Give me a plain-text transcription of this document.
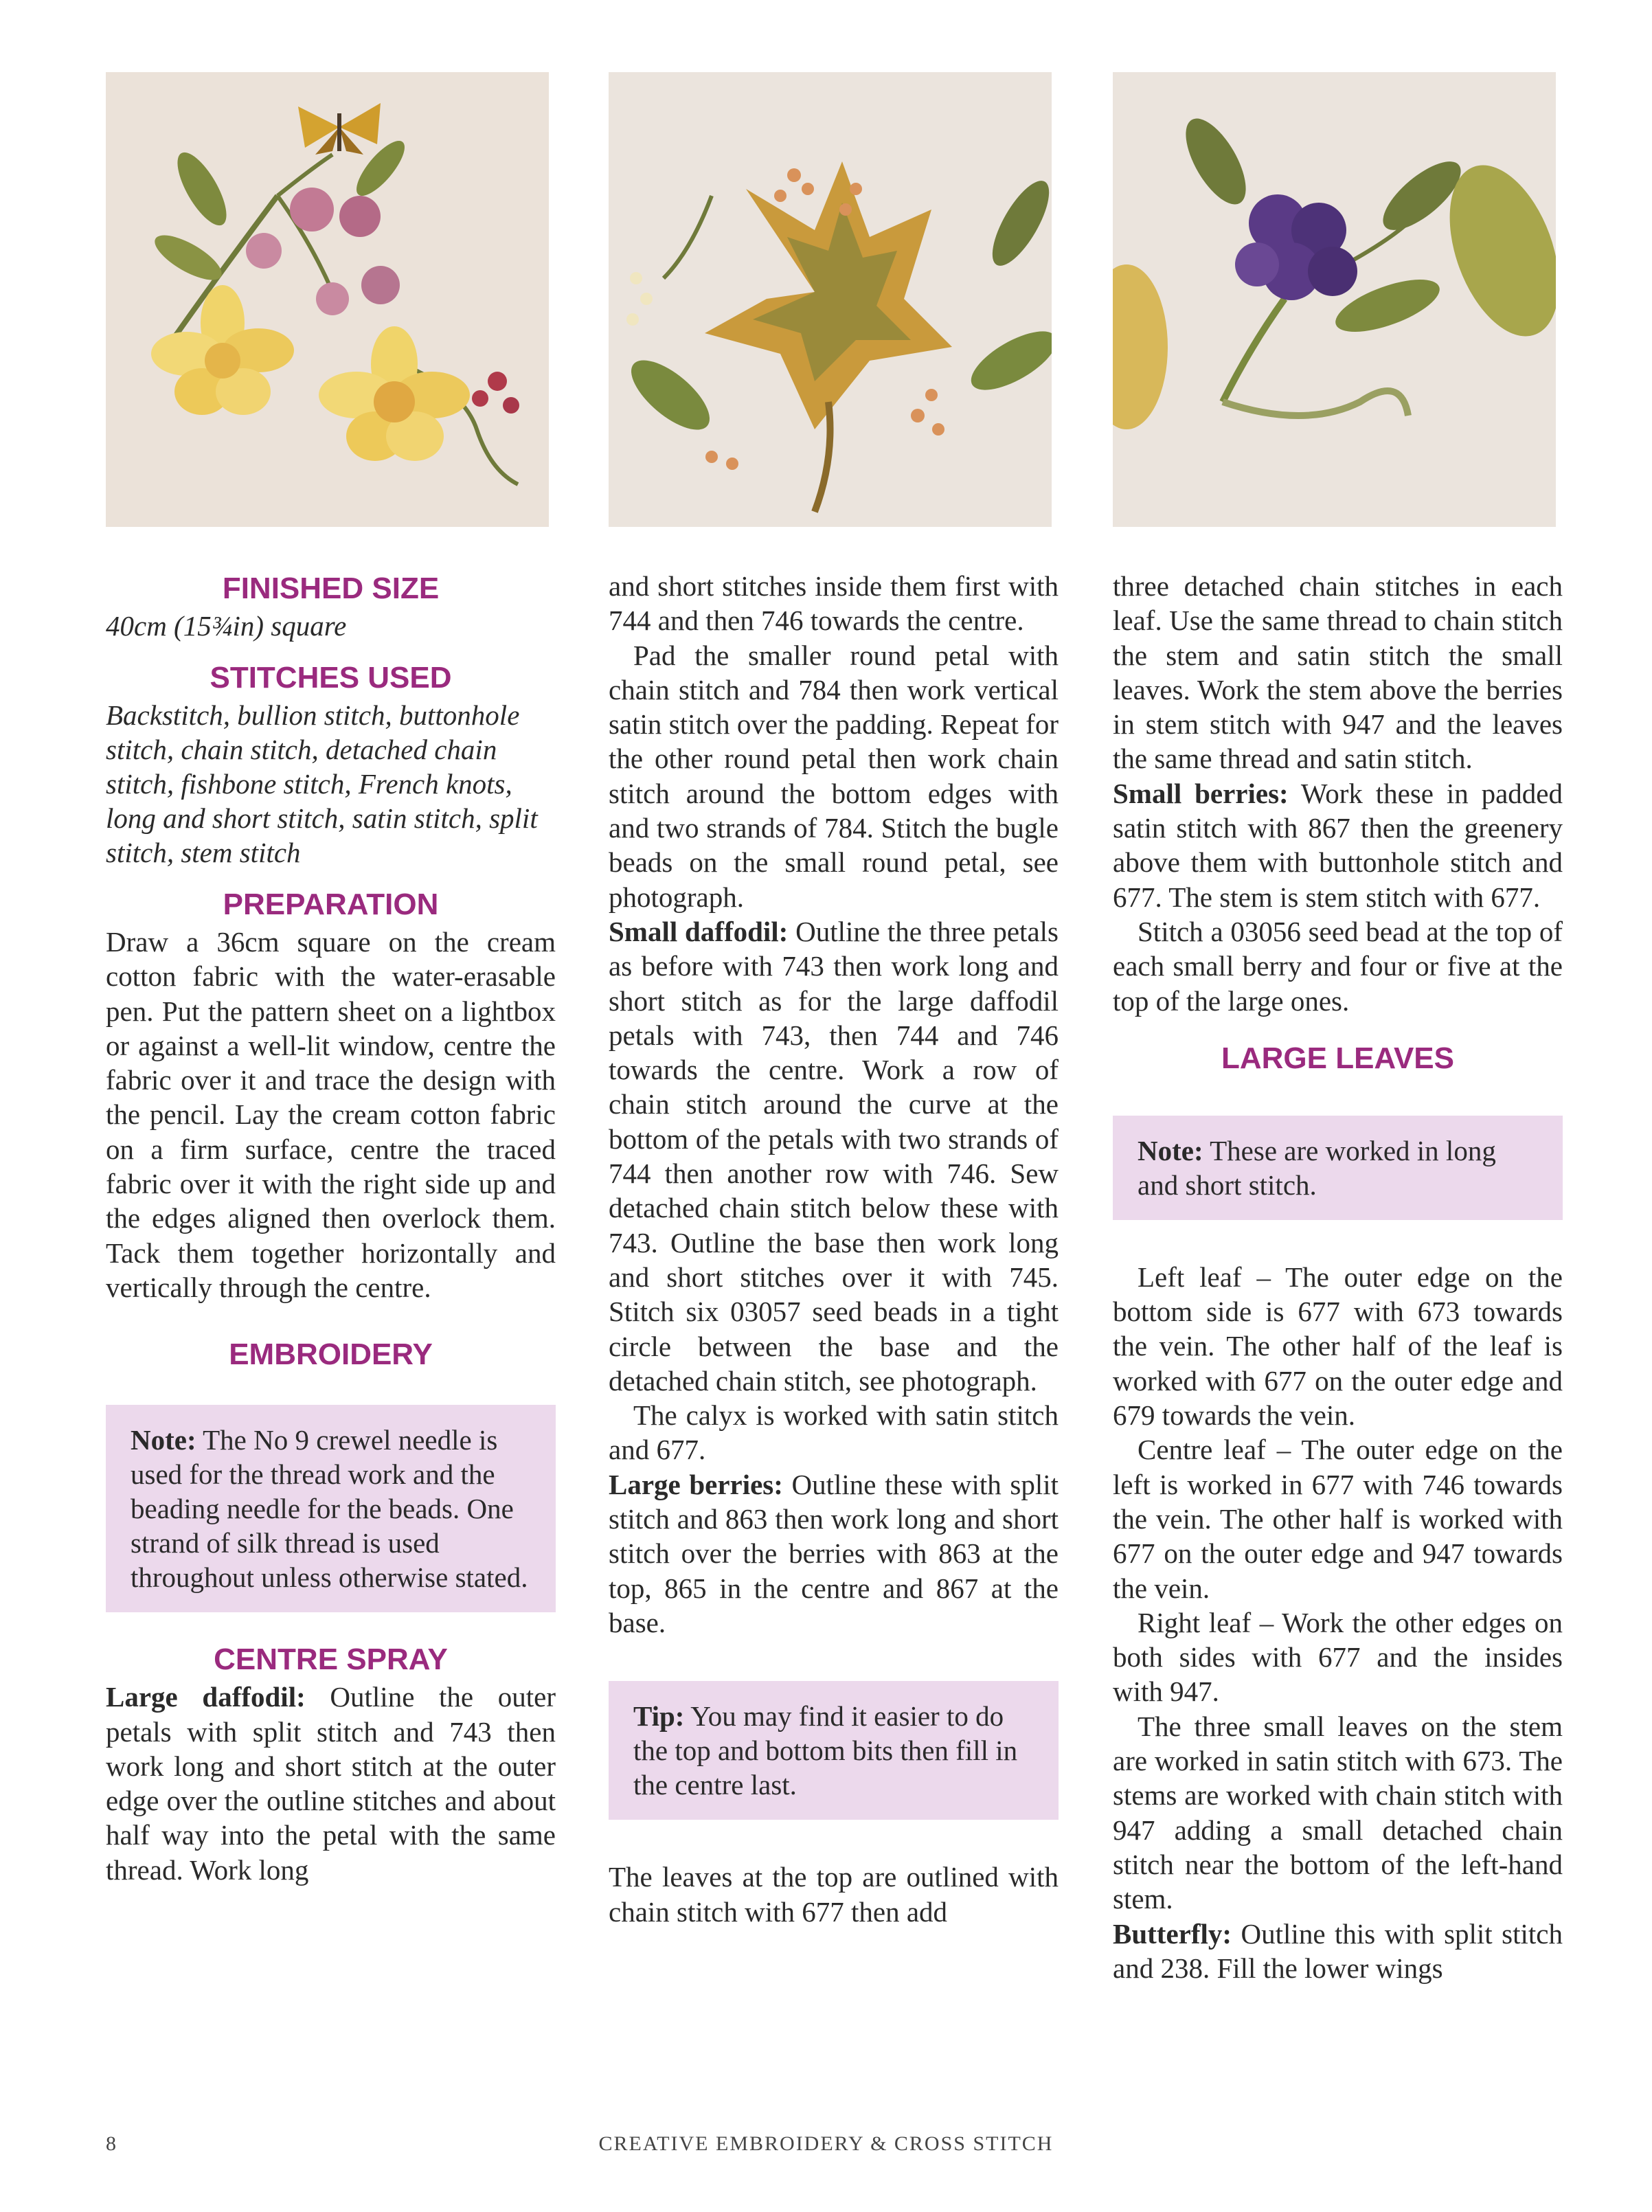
FINISHED SIZE

40cm (15¾in) square

STITCHES USED

Backstitch, bullion stitch, buttonhole stitch, chain stitch, detached chain stitch, fishbone stitch, French knots, long and short stitch, satin stitch, split stitch, stem stitch

PREPARATION

Draw a 36cm square on the cream cotton fabric with the water-erasable pen. Put the pattern sheet on a lightbox or against a well-lit window, centre the fabric over it and trace the design with the pencil. Lay the cream cotton fabric on a firm surface, centre the traced fabric over it with the right side up and the edges aligned then overlock them. Tack them together horizontally and vertically through the centre.

EMBROIDERY
Note: The No 9 crewel needle is used for the thread work and the beading needle for the beads. One strand of silk thread is used throughout unless otherwise stated.
CENTRE SPRAY

Large daffodil: Outline the outer petals with split stitch and 743 then work long and short stitch at the outer edge over the outline stitches and about half way into the petal with the same thread. Work long

and short stitches inside them first with 744 and then 746 towards the centre.

Pad the smaller round petal with chain stitch and 784 then work vertical satin stitch over the padding. Repeat for the other round petal then work chain stitch around the bottom edges with and two strands of 784. Stitch the bugle beads on the small round petal, see photograph.

Small daffodil: Outline the three petals as before with 743 then work long and short stitch as for the large daffodil petals with 743, then 744 and 746 towards the centre. Work a row of chain stitch around the curve at the bottom of the petals with two strands of 744 then another row with 746. Sew detached chain stitch below these with 743. Outline the base then work long and short stitches over it with 745. Stitch six 03057 seed beads in a tight circle between the base and the detached chain stitch, see photograph.

The calyx is worked with satin stitch and 677.

Large berries: Outline these with split stitch and 863 then work long and short stitch over the berries with 863 at the top, 865 in the centre and 867 at the base.

Tip: You may find it easier to do the top and bottom bits then fill in the centre last.

The leaves at the top are outlined with chain stitch with 677 then add

three detached chain stitches in each leaf. Use the same thread to chain stitch the stem and satin stitch the small leaves. Work the stem above the berries in stem stitch with 947 and the leaves the same thread and satin stitch.

Small berries: Work these in padded satin stitch with 867 then the greenery above them with buttonhole stitch and 677. The stem is stem stitch with 677.

Stitch a 03056 seed bead at the top of each small berry and four or five at the top of the large ones.

LARGE LEAVES
Note: These are worked in long and short stitch.

Left leaf – The outer edge on the bottom side is 677 with 673 towards the vein. The other half of the leaf is worked with 677 on the outer edge and 679 towards the vein.

Centre leaf – The outer edge on the left is worked in 677 with 746 towards the vein. The other half is worked with 677 on the outer edge and 947 towards the vein.

Right leaf – Work the other edges on both sides with 677 and the insides with 947.

The three small leaves on the stem are worked in satin stitch with 673. The stems are worked with chain stitch with 947 adding a small detached chain stitch near the bottom of the left-hand stem.

Butterfly: Outline this with split stitch and 238. Fill the lower wings

8	CREATIVE EMBROIDERY & CROSS STITCH
